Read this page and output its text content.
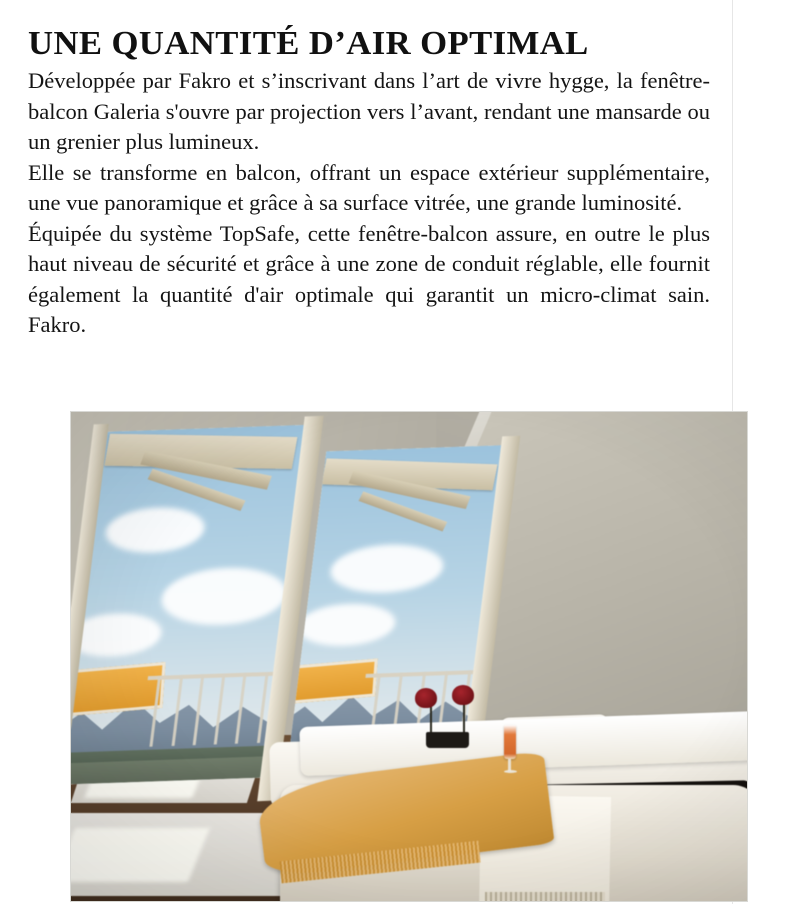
UNE QUANTITÉ D’AIR OPTIMAL

Développée par Fakro et s’inscrivant dans l’art de vivre hygge, la fenêtre-balcon Galeria s'ouvre par projection vers l’avant, rendant une mansarde ou un grenier plus lumineux.

Elle se transforme en balcon, offrant un espace extérieur supplémentaire, une vue panoramique et grâce à sa surface vitrée, une grande luminosité.

Équipée du système TopSafe, cette fenêtre-balcon assure, en outre le plus haut niveau de sécurité et grâce à une zone de conduit réglable, elle fournit également la quantité d'air optimale qui garantit un micro-climat sain. Fakro.
